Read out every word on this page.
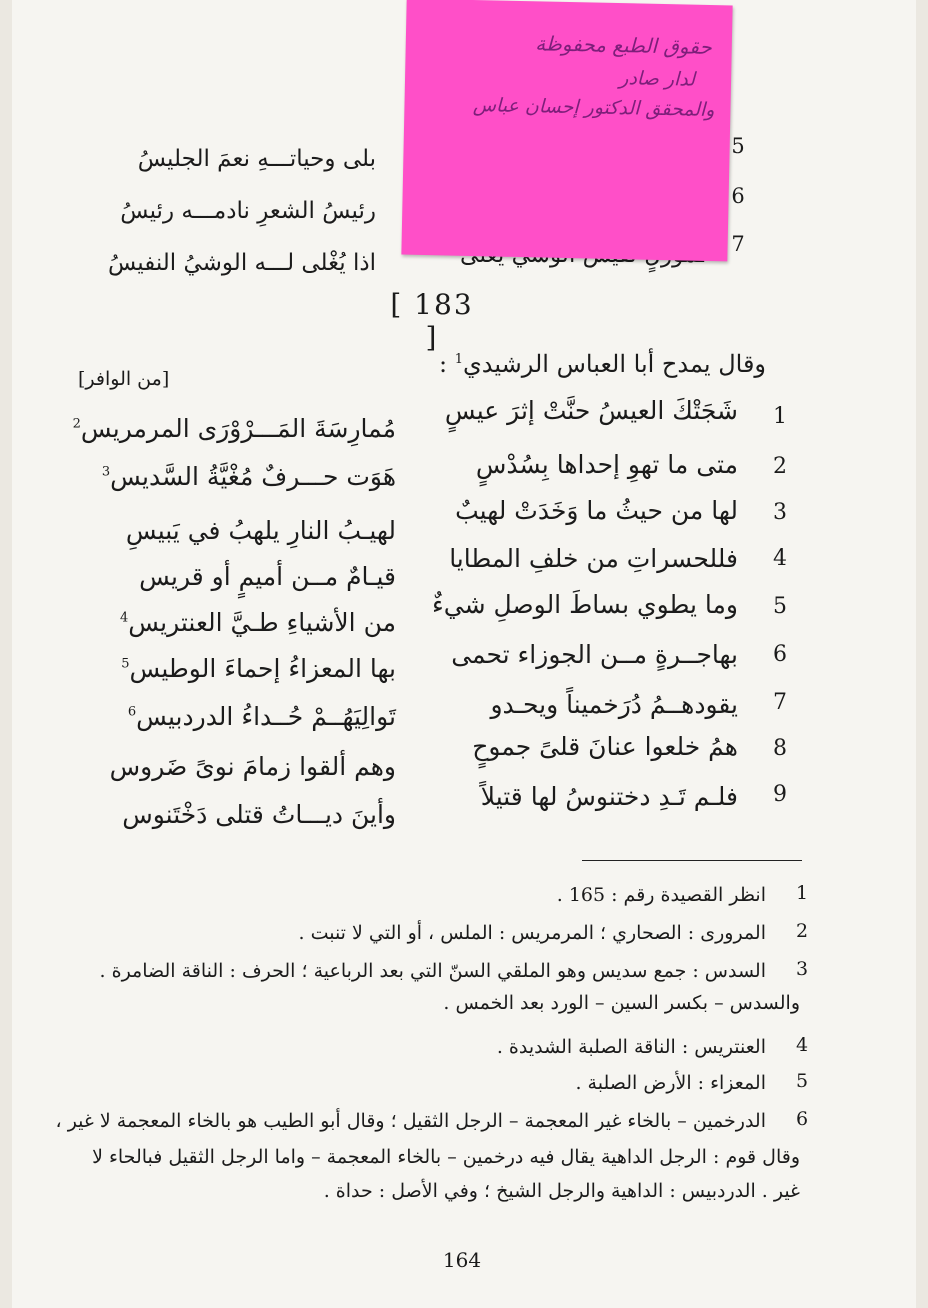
5
بلى وحياتـــهِ نعمَ الجليسُ
6
رئيسُ الشعرِ نادمـــه رئيسُ
7
اذا يُغْلى لـــه الوشيُ النفيسُ
حقوق الطبع محفوظة
لدار صادر
والمحقق الدكتور إحسان عباس
[ 183 ]
وقال يمدح أبا العباس الرشيدي$^1$ :
[من الوافر]
1
شَجَتْكَ العيسُ حنَّتْ إثرَ عيسٍ
مُمارِسَةَ المَـــرْوْرَى المرمريس$^2$
2
متى ما تهوِ إحداها بِسُدْسٍ
هَوَت حـــرفٌ مُغْيَّةُ السَّديس$^3$
3
لها من حيثُ ما وَخَدَتْ لهيبٌ
لهيـبُ النارِ يلهبُ في يَبيسِ
4
فللحسراتِ من خلفِ المطايا
قيـامٌ مــن أميمٍ أو قريس
5
وما يطوي بساطَ الوصلِ شيءٌ
من الأشياءِ طـيَّ العنتريس$^4$
6
بهاجــرةٍ مــن الجوزاء تحمى
بها المعزاءُ إحماءَ الوطيس$^5$
7
يقودهــمُ دُرَخميناً ويحـدو
تَوالِيَهُــمْ حُــداءُ الدردبيس$^6$
8
همُ خلعوا عنانَ قلىً جموحٍ
وهم ألقوا زمامَ نوىً ضَروس
9
فلـم تَـدِ دختنوسُ لها قتيلاً
وأينَ ديـــاتُ قتلى دَخْتَنوس
1
انظر القصيدة رقم : 165 .
2
المرورى : الصحاري ؛ المرمريس : الملس ، أو التي لا تنبت .
3
السدس : جمع سديس وهو الملقي السنّ التي بعد الرباعية ؛ الحرف : الناقة الضامرة .
والسدس – بكسر السين – الورد بعد الخمس .
4
العنتريس : الناقة الصلبة الشديدة .
5
المعزاء : الأرض الصلبة .
6
الدرخمين – بالخاء غير المعجمة – الرجل الثقيل ؛ وقال أبو الطيب هو بالخاء المعجمة لا غير ،
وقال قوم : الرجل الداهية يقال فيه درخمين – بالخاء المعجمة – واما الرجل الثقيل فبالحاء لا
غير . الدردبيس : الداهية والرجل الشيخ ؛ وفي الأصل : حداة .
164
